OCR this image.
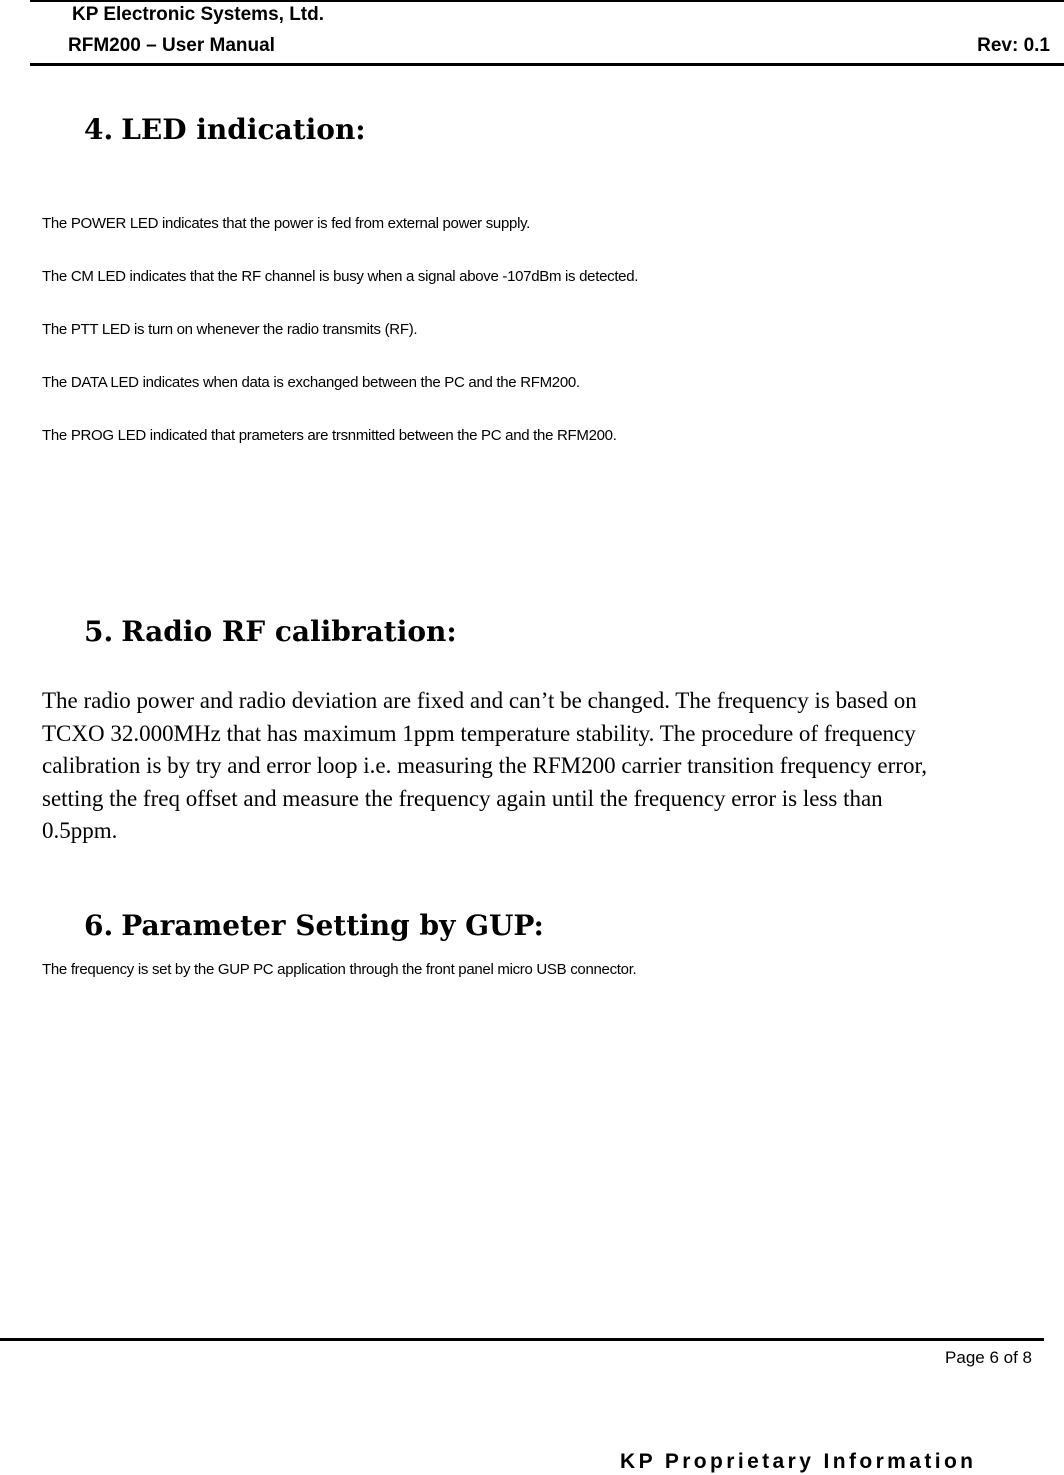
KP Electronic Systems, Ltd.
RFM200 – User Manual	Rev: 0.1
4. LED indication:
The POWER LED indicates that the power is fed from external power supply.
The CM LED indicates that the RF channel is busy when a signal above -107dBm is detected.
The PTT LED is turn on whenever the radio transmits (RF).
The DATA LED indicates when data is exchanged between the PC and the RFM200.
The PROG LED indicated that prameters are trsnmitted between the PC and the RFM200.
5. Radio RF calibration:
The radio power and radio deviation are fixed and can’t be changed. The frequency is based on
TCXO 32.000MHz that has maximum 1ppm temperature stability. The procedure of frequency
calibration is by try and error loop i.e. measuring the RFM200 carrier transition frequency error,
setting the freq offset and measure the frequency again until the frequency error is less than
0.5ppm.
6. Parameter Setting by GUP:
The frequency is set by the GUP PC application through the front panel micro USB connector.
Page 6 of 8
KP Proprietary Information
